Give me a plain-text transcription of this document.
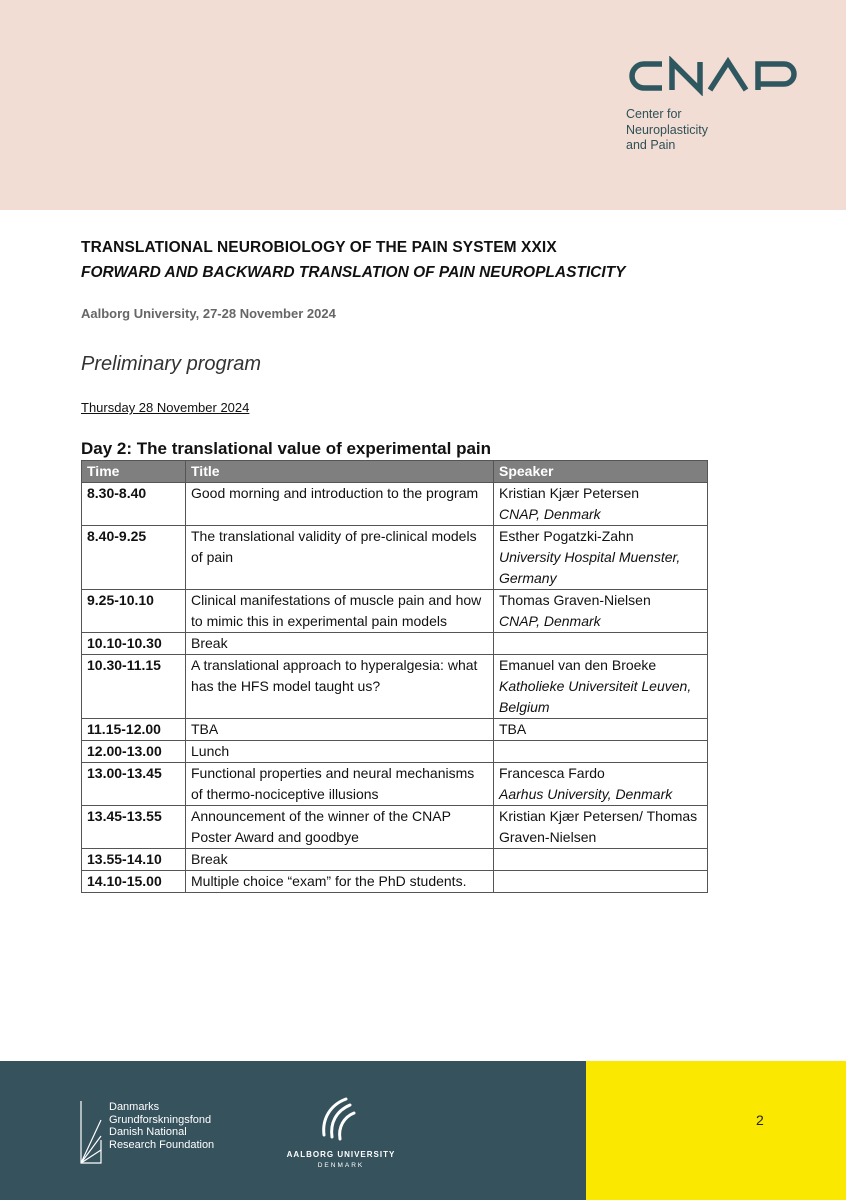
Center for
Neuroplasticity
and Pain
TRANSLATIONAL NEUROBIOLOGY OF THE PAIN SYSTEM XXIX
FORWARD AND BACKWARD TRANSLATION OF PAIN NEUROPLASTICITY
Aalborg University, 27-28 November 2024
Preliminary program
Thursday 28 November 2024
Day 2: The translational value of experimental pain
Time	Title	Speaker
8.30-8.40	Good morning and introduction to the program	Kristian Kjær Petersen
CNAP, Denmark

8.40-9.25	The translational validity of pre-clinical models of pain	Esther Pogatzki-Zahn
University Hospital Muenster, Germany

9.25-10.10	Clinical manifestations of muscle pain and how to mimic this in experimental pain models	Thomas Graven-Nielsen
CNAP, Denmark

10.10-10.30	Break	

10.30-11.15	A translational approach to hyperalgesia: what has the HFS model taught us?	Emanuel van den Broeke
Katholieke Universiteit Leuven, Belgium

11.15-12.00	TBA	TBA

12.00-13.00	Lunch	

13.00-13.45	Functional properties and neural mechanisms of thermo-nociceptive illusions	Francesca Fardo
Aarhus University, Denmark

13.45-13.55	Announcement of the winner of the CNAP Poster Award and goodbye	Kristian Kjær Petersen/ Thomas Graven-Nielsen

13.55-14.10	Break	

14.10-15.00	Multiple choice “exam” for the PhD students.	
Danmarks
Grundforskningsfond
Danish National
Research Foundation
AALBORG UNIVERSITY
DENMARK
2
